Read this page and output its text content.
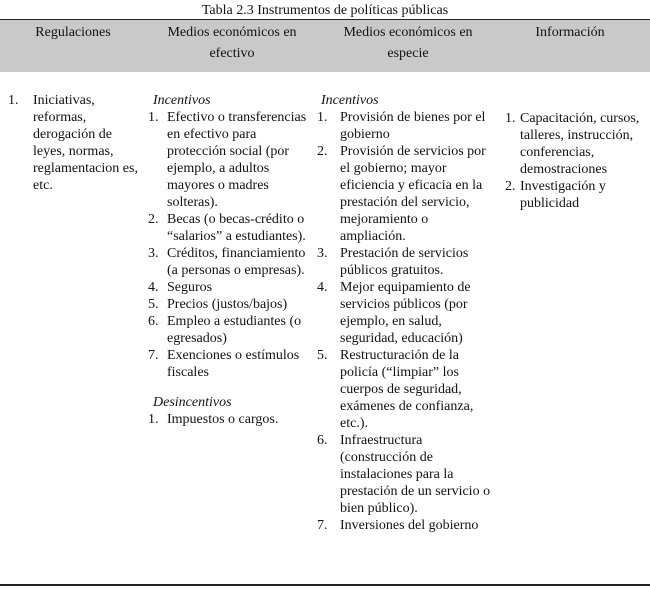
Tabla 2.3 Instrumentos de políticas públicas
Regulaciones	Medios económicos en efectivo
Medios económicos en especie
Información
1.	Iniciativas, reformas, derogación de leyes, normas, reglamentacion es, etc.
Incentivos
1. Efectivo o transferencias en efectivo para protección social (por ejemplo, a adultos mayores o madres solteras).
2. Becas (o becas-crédito o “salarios” a estudiantes).
3. Créditos, financiamiento (a personas o empresas).
4. Seguros
5. Precios (justos/bajos)
6. Empleo a estudiantes (o egresados)
7. Exenciones o estímulos fiscales
Desincentivos
1. Impuestos o cargos.
Incentivos
1. Provisión de bienes por el gobierno
2. Provisión de servicios por el gobierno; mayor eficiencia y eficacia en la prestación del servicio, mejoramiento o ampliación.
3. Prestación de servicios públicos gratuitos.
4. Mejor equipamiento de servicios públicos (por ejemplo, en salud, seguridad, educación)
5. Restructuración de la policía (“limpiar” los cuerpos de seguridad, exámenes de confianza, etc.).
6. Infraestructura (construcción de instalaciones para la prestación de un servicio o bien público).
7. Inversiones del gobierno
1. Capacitación, cursos, talleres, instrucción, conferencias, demostraciones
2. Investigación y publicidad
